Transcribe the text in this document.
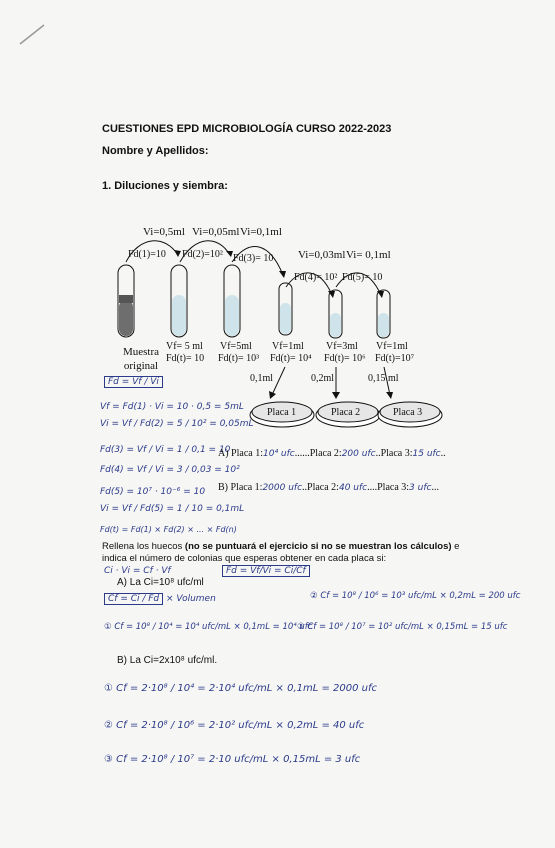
CUESTIONES EPD MICROBIOLOGÍA CURSO 2022-2023
Nombre y Apellidos:
1. Diluciones y siembra:
Vi=0,5ml Vi=0,05ml Vi=0,1ml
Vi=0,03ml Vi= 0,1ml
Fd(1)=10 Fd(2)=10² Fd(3)= 10
Fd(4)= 10² Fd(5)= 10
Muestra original
Vf= 5 ml
Fd(t)= 10
Vf=5ml
Fd(t)= 10³
Vf=1ml
Fd(t)= 10⁴
Vf=3ml
Fd(t)= 10⁶
Vf=1ml
Fd(t)=10⁷
0,1ml	0,2ml	0,15 ml
Placa 1	Placa 2	Placa 3
Fd = Vf / Vi
Vf = Fd(1) · Vi = 10 · 0,5 = 5mL
Vi = Vf / Fd(2) = 5 / 10² = 0,05mL
Fd(3) = Vf / Vi = 1 / 0,1 = 10
Fd(4) = Vf / Vi = 3 / 0,03 = 10²
Fd(5) = 10⁷ · 10⁻⁶ = 10
Vi = Vf / Fd(5) = 1 / 10 = 0,1mL
Fd(t) = Fd(1) × Fd(2) × ... × Fd(n)
A) Placa 1:10⁴ ufc......Placa 2:200 ufc..Placa 3:15 ufc..
B) Placa 1:2000 ufc..Placa 2:40 ufc....Placa 3:3 ufc...
Rellena los huecos (no se puntuará el ejercicio si no se muestran los cálculos) e
indica el número de colonias que esperas obtener en cada placa si:
Ci · Vi = Cf · Vf	Fd = Vf/Vi = Ci/Cf
A) La Ci=10⁸ ufc/ml
Cf = Ci / Fd × Volumen
① Cf = 10⁸ / 10⁴ = 10⁴ ufc/mL × 0,1mL = 10⁴ ufc
② Cf = 10⁸ / 10⁶ = 10³ ufc/mL × 0,2mL = 200 ufc
③ Cf = 10⁸ / 10⁷ = 10² ufc/mL × 0,15mL = 15 ufc
B) La Ci=2x10⁸ ufc/ml.
① Cf = 2·10⁸ / 10⁴ = 2·10⁴ ufc/mL × 0,1mL = 2000 ufc
② Cf = 2·10⁸ / 10⁶ = 2·10² ufc/mL × 0,2mL = 40 ufc
③ Cf = 2·10⁸ / 10⁷ = 2·10 ufc/mL × 0,15mL = 3 ufc
